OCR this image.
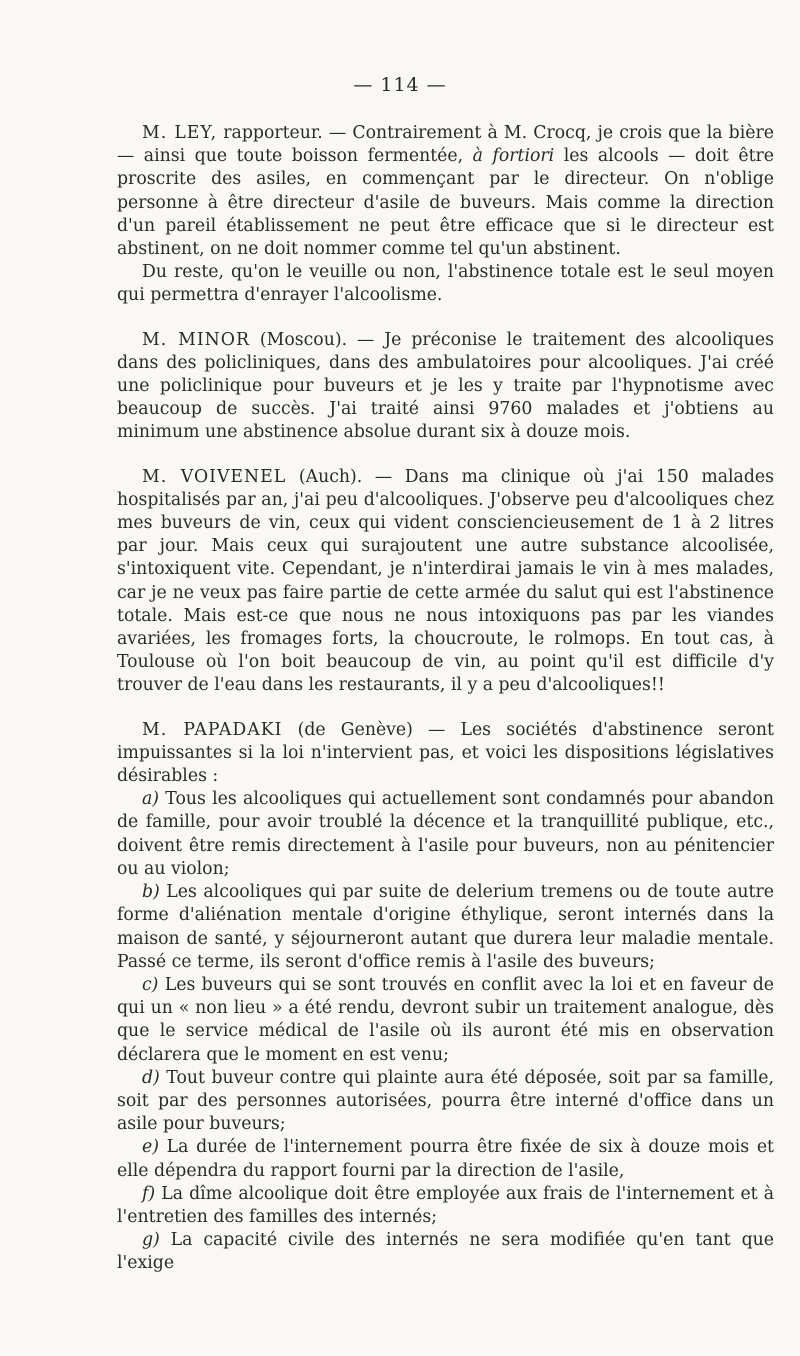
— 114 —

M. LEY, rapporteur. — Contrairement à M. Crocq, je crois que la bière — ainsi que toute boisson fermentée, à fortiori les alcools — doit être proscrite des asiles, en commençant par le directeur. On n'oblige personne à être directeur d'asile de buveurs. Mais comme la direction d'un pareil établissement ne peut être efficace que si le directeur est abstinent, on ne doit nommer comme tel qu'un abstinent.

Du reste, qu'on le veuille ou non, l'abstinence totale est le seul moyen qui permettra d'enrayer l'alcoolisme.

M. MINOR (Moscou). — Je préconise le traitement des alcooliques dans des policliniques, dans des ambulatoires pour alcooliques. J'ai créé une policlinique pour buveurs et je les y traite par l'hypnotisme avec beaucoup de succès. J'ai traité ainsi 9760 malades et j'obtiens au minimum une abstinence absolue durant six à douze mois.

M. VOIVENEL (Auch). — Dans ma clinique où j'ai 150 malades hospitalisés par an, j'ai peu d'alcooliques. J'observe peu d'alcooliques chez mes buveurs de vin, ceux qui vident consciencieusement de 1 à 2 litres par jour. Mais ceux qui surajoutent une autre substance alcoolisée, s'intoxiquent vite. Cependant, je n'interdirai jamais le vin à mes malades, car je ne veux pas faire partie de cette armée du salut qui est l'abstinence totale. Mais est-ce que nous ne nous intoxiquons pas par les viandes avariées, les fromages forts, la choucroute, le rolmops. En tout cas, à Toulouse où l'on boit beaucoup de vin, au point qu'il est difficile d'y trouver de l'eau dans les restaurants, il y a peu d'alcooliques!!

M. PAPADAKI (de Genève) — Les sociétés d'abstinence seront impuissantes si la loi n'intervient pas, et voici les dispositions législatives désirables :

a) Tous les alcooliques qui actuellement sont condamnés pour abandon de famille, pour avoir troublé la décence et la tranquillité publique, etc., doivent être remis directement à l'asile pour buveurs, non au pénitencier ou au violon;

b) Les alcooliques qui par suite de delerium tremens ou de toute autre forme d'aliénation mentale d'origine éthylique, seront internés dans la maison de santé, y séjourneront autant que durera leur maladie mentale. Passé ce terme, ils seront d'office remis à l'asile des buveurs;

c) Les buveurs qui se sont trouvés en conflit avec la loi et en faveur de qui un « non lieu » a été rendu, devront subir un traitement analogue, dès que le service médical de l'asile où ils auront été mis en observation déclarera que le moment en est venu;

d) Tout buveur contre qui plainte aura été déposée, soit par sa famille, soit par des personnes autorisées, pourra être interné d'office dans un asile pour buveurs;

e) La durée de l'internement pourra être fixée de six à douze mois et elle dépendra du rapport fourni par la direction de l'asile,

f) La dîme alcoolique doit être employée aux frais de l'internement et à l'entretien des familles des internés;

g) La capacité civile des internés ne sera modifiée qu'en tant que l'exige
